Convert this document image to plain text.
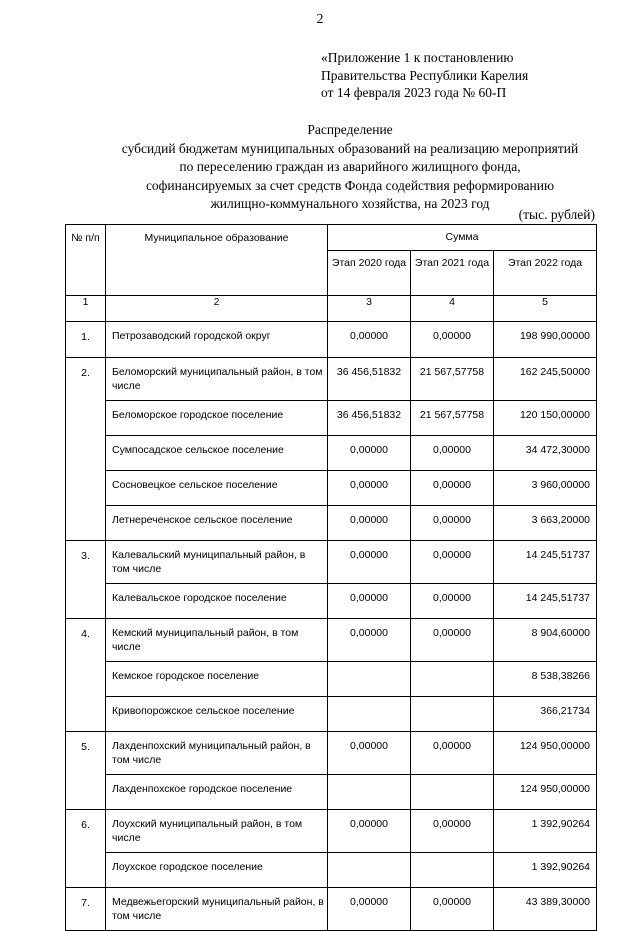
2
«Приложение 1 к постановлению
Правительства Республики Карелия
от 14 февраля 2023 года № 60-П
Распределение
субсидий бюджетам муниципальных образований на реализацию мероприятий
по переселению граждан из аварийного жилищного фонда,
софинансируемых за счет средств Фонда содействия реформированию
жилищно-коммунального хозяйства, на 2023 год
(тыс. рублей)
№ п/п	Муниципальное образование	Сумма		
		Этап 2020 года	Этап 2021 года	Этап 2022 года
1	2	3	4	5
1.	Петрозаводский городской округ	0,00000	0,00000	198 990,00000
2.	Беломорский муниципальный район, в том числе	36 456,51832	21 567,57758	162 245,50000
	Беломорское городское поселение	36 456,51832	21 567,57758	120 150,00000
	Сумпосадское сельское поселение	0,00000	0,00000	34 472,30000
	Сосновецкое сельское поселение	0,00000	0,00000	3 960,00000
	Летнереченское сельское поселение	0,00000	0,00000	3 663,20000
3.	Калевальский муниципальный район, в том числе	0,00000	0,00000	14 245,51737
	Калевальское городское поселение	0,00000	0,00000	14 245,51737
4.	Кемский муниципальный район, в том числе	0,00000	0,00000	8 904,60000
	Кемское городское поселение			8 538,38266
	Кривопорожское сельское поселение			366,21734
5.	Лахденпохский муниципальный район, в том числе	0,00000	0,00000	124 950,00000
	Лахденпохское городское поселение			124 950,00000
6.	Лоухский муниципальный район, в том числе	0,00000	0,00000	1 392,90264
	Лоухское городское поселение			1 392,90264
7.	Медвежьегорский муниципальный район, в том числе	0,00000	0,00000	43 389,30000
